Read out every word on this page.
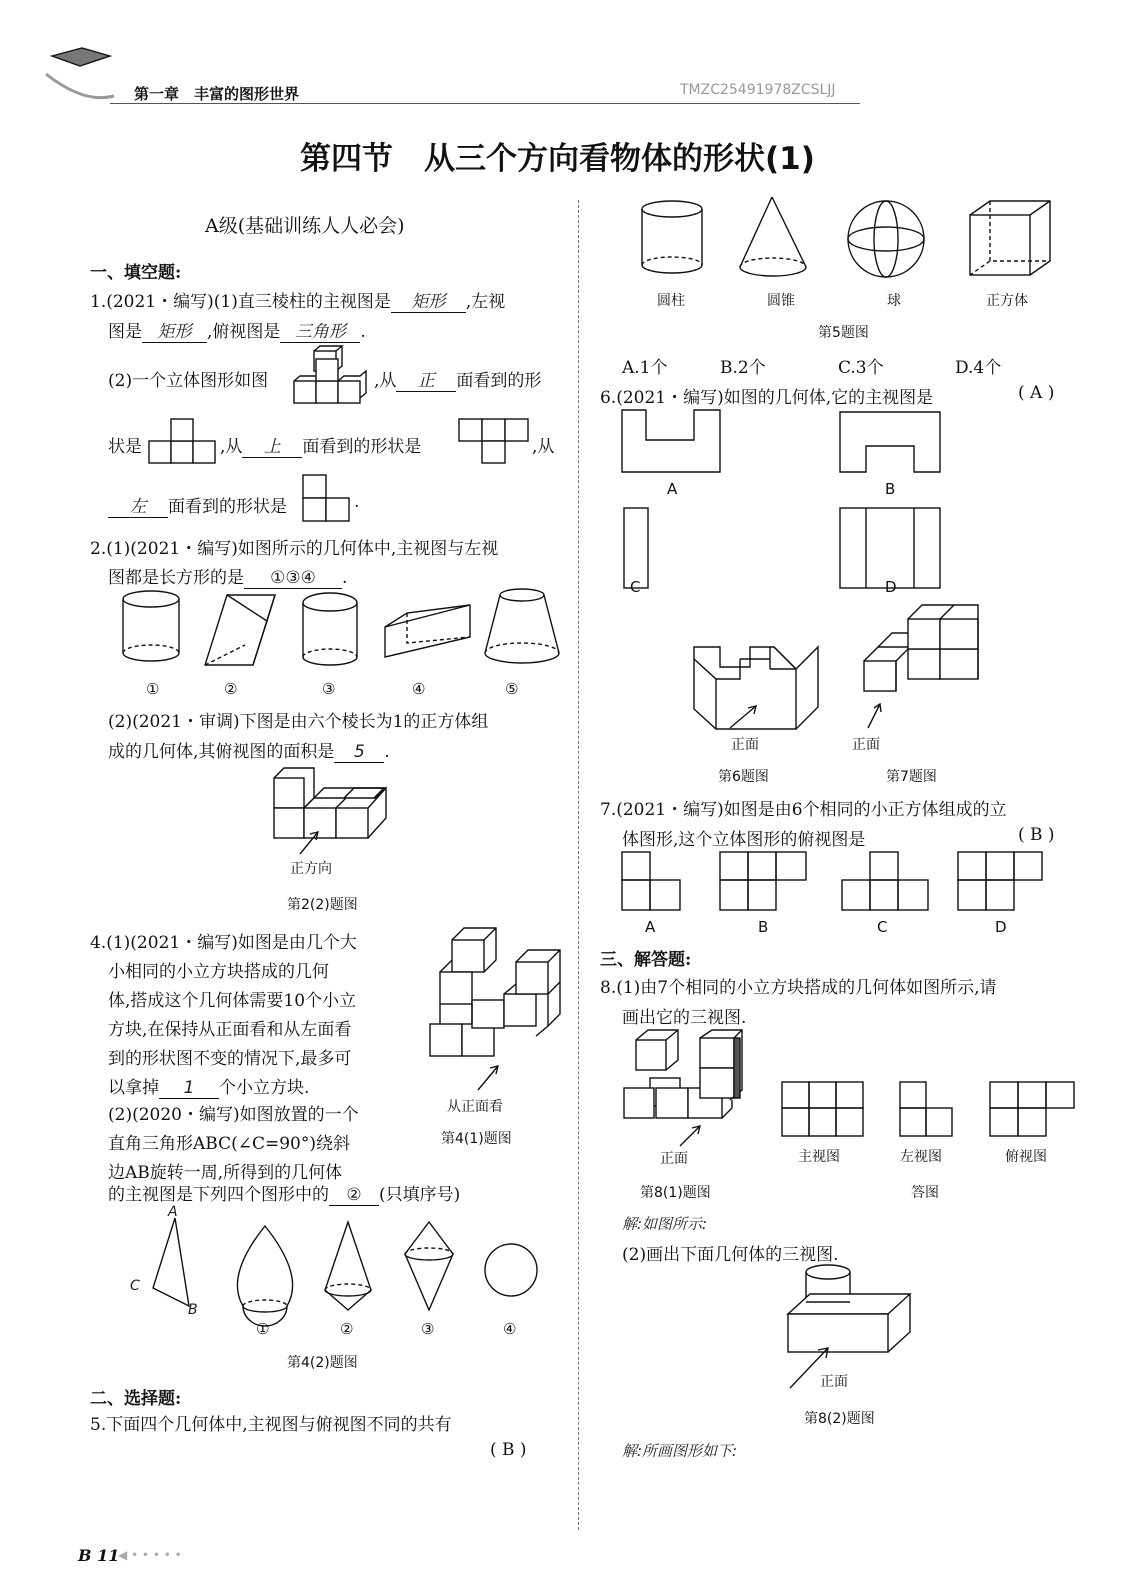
第一章　 丰富的图形世界	TMZC25491978ZCSLJJ
第四节　从三个方向看物体的形状(1)
A级(基础训练人人必会)
一、填空题:
1.(2021・编写)(1)直三棱柱的主视图是 矩形 ,左视
图是 矩形 ,俯视图是 三角形 .
(2)一个立体图形如图	,从 正 面看到的形
状是	,从 上 面看到的形状是	,从
左 面看到的形状是	.
2.(1)(2021・编写)如图所示的几何体中,主视图与左视
图都是长方形的是 ①③④ .
①	②	③	④	⑤
(2)(2021・审调)下图是由六个棱长为1的正方体组
成的几何体,其俯视图的面积是 5 .
正方向
第2(2)题图
4.(1)(2021・编写)如图是由几个大
小相同的小立方块搭成的几何
体,搭成这个几何体需要10个小立
方块,在保持从正面看和从左面看
到的形状图不变的情况下,最多可
以拿掉 1 个小立方块.
从正面看
第4(1)题图
(2)(2020・编写)如图放置的一个
直角三角形ABC(∠C=90°)绕斜
边AB旋转一周,所得到的几何体
的主视图是下列四个图形中的 ② (只填序号)
A
C
B
①	②	③	④
第4(2)题图
二、选择题:
5.下面四个几何体中,主视图与俯视图不同的共有
( B )
B 11
◀ • • • • •
圆柱	圆锥	球	正方体
第5题图
A.1个	B.2个	C.3个	D.4个
6.(2021・编写)如图的几何体,它的主视图是	( A )
A	B
C	D
正面
第6题图
正面
第7题图
7.(2021・编写)如图是由6个相同的小正方体组成的立
体图形,这个立体图形的俯视图是	( B )
A	B	C	D
三、解答题:
8.(1)由7个相同的小立方块搭成的几何体如图所示,请
画出它的三视图.
正面
第8(1)题图
主视图	左视图	俯视图
答图
解:如图所示:
(2)画出下面几何体的三视图.
正面
第8(2)题图
解:所画图形如下:
